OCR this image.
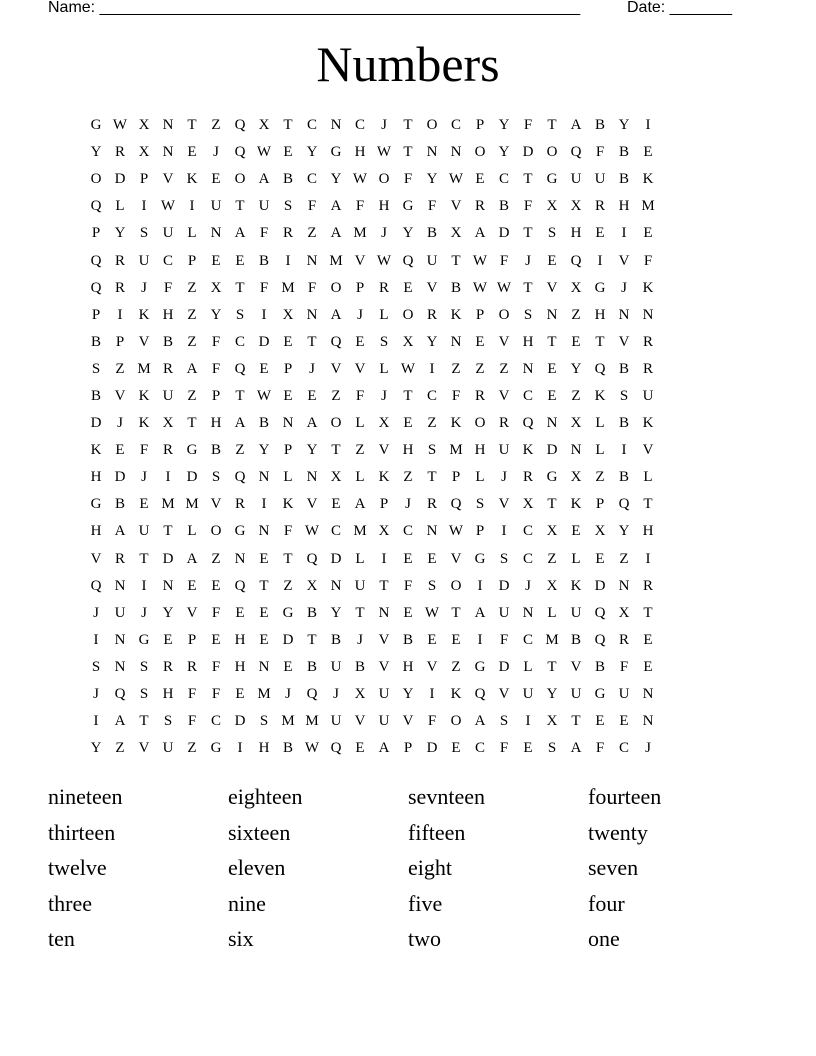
Name: ______________________________________________________	Date: _______
Numbers
G W X N T Z Q X T C N C	J	T O C P Y F	T A B Y	I
Y R X N E	J	Q W E Y G H W T N N O Y D O Q F B E
O D P V K E O A B C Y W O F Y W E C T G U U B K
Q L	I W I	U T U S	F A F H G F V R B F X X R H M
P Y S U L N A F R Z A M J	Y B X A D T	S H E	I	E
Q R U C P	E E B	I	N M V W Q U T W F	J	E Q	I	V F
Q R	J	F	Z X T	F M F O P R E V B W W T V X G	J	K
P	I	K H Z Y S	I	X N A	J	L O R K P O S N Z H N N
B P V B Z	F C D E T Q E	S X Y N E V H T E T V R
S	Z M R A F Q E	P	J	V V L W I	Z Z Z N E Y Q B R
B V K U Z	P	T W E E Z	F	J	T C F R V C E Z K S U
D	J	K X T H A B N A O L X E Z K O R Q N X L B K
K E	F R G B Z Y P Y T Z V H S M H U K D N L	I	V
H D	J	I	D S Q N L N X L K Z T	P	L	J	R G X Z B L
G B E M M V R	I	K V E A P	J	R Q S V X T K P Q T
H A U T L O G N F W C M X C N W P	I	C X E X Y H
V R T D A Z N E T Q D L	I	E E V G S C Z L E Z	I
Q N	I	N E E Q T Z X N U T	F	S O	I	D	J	X K D N R
J	U	J	Y V F	E E G B Y T N E W T A U N L U Q X T
I	N G E	P	E H E D T B	J	V B E E	I	F C M B Q R E
S N S R R F H N E B U B V H V Z G D L T V B F	E
J	Q S H F	F	E M J	Q	J	X U Y	I	K Q V U Y U G U N
I	A T	S	F C D S M M U V U V F O A S	I	X T E E N
Y Z V U Z G	I	H B W Q E A P D E C F	E	S A F C	J
nineteen	eighteen	sevnteen	fourteen
thirteen	sixteen	fifteen	twenty
twelve	eleven	eight	seven
three	nine	five	four
ten	six	two	one
